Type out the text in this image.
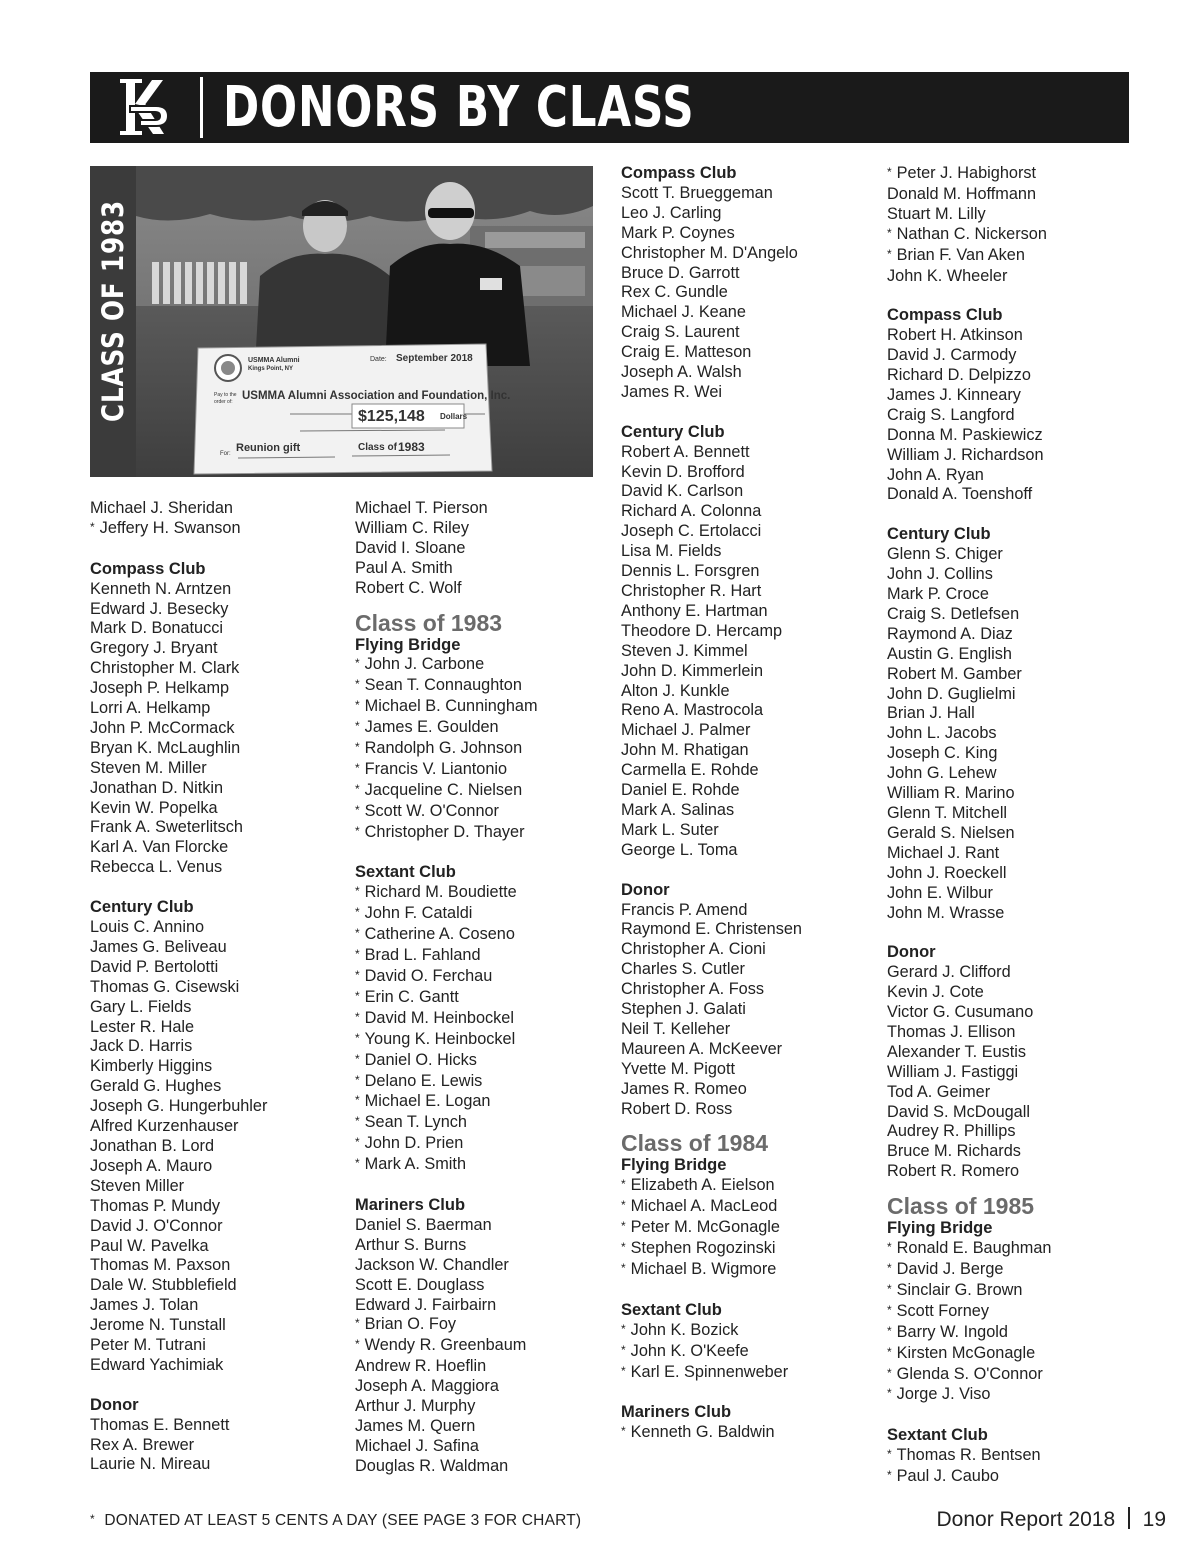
DONORS BY CLASS
CLASS OF 1983	USMMA Alumni
Kings Point, NY
Date: September 2018
Pay to the
order of: USMMA Alumni Association and Foundation, Inc.
$125,148 Dollars
For: Reunion gift	Class of 1983
Michael J. Sheridan
* Jeffery H. Swanson
Compass Club
Kenneth N. Arntzen
Edward J. Besecky
Mark D. Bonatucci
Gregory J. Bryant
Christopher M. Clark
Joseph P. Helkamp
Lorri A. Helkamp
John P. McCormack
Bryan K. McLaughlin
Steven M. Miller
Jonathan D. Nitkin
Kevin W. Popelka
Frank A. Sweterlitsch
Karl A. Van Florcke
Rebecca L. Venus
Century Club
Louis C. Annino
James G. Beliveau
David P. Bertolotti
Thomas G. Cisewski
Gary L. Fields
Lester R. Hale
Jack D. Harris
Kimberly Higgins
Gerald G. Hughes
Joseph G. Hungerbuhler
Alfred Kurzenhauser
Jonathan B. Lord
Joseph A. Mauro
Steven Miller
Thomas P. Mundy
David J. O'Connor
Paul W. Pavelka
Thomas M. Paxson
Dale W. Stubblefield
James J. Tolan
Jerome N. Tunstall
Peter M. Tutrani
Edward Yachimiak
Donor
Thomas E. Bennett
Rex A. Brewer
Laurie N. Mireau
Michael T. Pierson
William C. Riley
David I. Sloane
Paul A. Smith
Robert C. Wolf
Class of 1983
Flying Bridge
* John J. Carbone
* Sean T. Connaughton
* Michael B. Cunningham
* James E. Goulden
* Randolph G. Johnson
* Francis V. Liantonio
* Jacqueline C. Nielsen
* Scott W. O'Connor
* Christopher D. Thayer
Sextant Club
* Richard M. Boudiette
* John F. Cataldi
* Catherine A. Coseno
* Brad L. Fahland
* David O. Ferchau
* Erin C. Gantt
* David M. Heinbockel
* Young K. Heinbockel
* Daniel O. Hicks
* Delano E. Lewis
* Michael E. Logan
* Sean T. Lynch
* John D. Prien
* Mark A. Smith
Mariners Club
Daniel S. Baerman
Arthur S. Burns
Jackson W. Chandler
Scott E. Douglass
Edward J. Fairbairn
* Brian O. Foy
* Wendy R. Greenbaum
Andrew R. Hoeflin
Joseph A. Maggiora
Arthur J. Murphy
James M. Quern
Michael J. Safina
Douglas R. Waldman
Compass Club
Scott T. Brueggeman
Leo J. Carling
Mark P. Coynes
Christopher M. D'Angelo
Bruce D. Garrott
Rex C. Gundle
Michael J. Keane
Craig S. Laurent
Craig E. Matteson
Joseph A. Walsh
James R. Wei
Century Club
Robert A. Bennett
Kevin D. Brofford
David K. Carlson
Richard A. Colonna
Joseph C. Ertolacci
Lisa M. Fields
Dennis L. Forsgren
Christopher R. Hart
Anthony E. Hartman
Theodore D. Hercamp
Steven J. Kimmel
John D. Kimmerlein
Alton J. Kunkle
Reno A. Mastrocola
Michael J. Palmer
John M. Rhatigan
Carmella E. Rohde
Daniel E. Rohde
Mark A. Salinas
Mark L. Suter
George L. Toma
Donor
Francis P. Amend
Raymond E. Christensen
Christopher A. Cioni
Charles S. Cutler
Christopher A. Foss
Stephen J. Galati
Neil T. Kelleher
Maureen A. McKeever
Yvette M. Pigott
James R. Romeo
Robert D. Ross
Class of 1984
Flying Bridge
* Elizabeth A. Eielson
* Michael A. MacLeod
* Peter M. McGonagle
* Stephen Rogozinski
* Michael B. Wigmore
Sextant Club
* John K. Bozick
* John K. O'Keefe
* Karl E. Spinnenweber
Mariners Club
* Kenneth G. Baldwin
* Peter J. Habighorst
Donald M. Hoffmann
Stuart M. Lilly
* Nathan C. Nickerson
* Brian F. Van Aken
John K. Wheeler
Compass Club
Robert H. Atkinson
David J. Carmody
Richard D. Delpizzo
James J. Kinneary
Craig S. Langford
Donna M. Paskiewicz
William J. Richardson
John A. Ryan
Donald A. Toenshoff
Century Club
Glenn S. Chiger
John J. Collins
Mark P. Croce
Craig S. Detlefsen
Raymond A. Diaz
Austin G. English
Robert M. Gamber
John D. Guglielmi
Brian J. Hall
John L. Jacobs
Joseph C. King
John G. Lehew
William R. Marino
Glenn T. Mitchell
Gerald S. Nielsen
Michael J. Rant
John J. Roeckell
John E. Wilbur
John M. Wrasse
Donor
Gerard J. Clifford
Kevin J. Cote
Victor G. Cusumano
Thomas J. Ellison
Alexander T. Eustis
William J. Fastiggi
Tod A. Geimer
David S. McDougall
Audrey R. Phillips
Bruce M. Richards
Robert R. Romero
Class of 1985
Flying Bridge
* Ronald E. Baughman
* David J. Berge
* Sinclair G. Brown
* Scott Forney
* Barry W. Ingold
* Kirsten McGonagle
* Glenda S. O'Connor
* Jorge J. Viso
Sextant Club
* Thomas R. Bentsen
* Paul J. Caubo
* DONATED AT LEAST 5 CENTS A DAY (SEE PAGE 3 FOR CHART)	Donor Report 2018 19
